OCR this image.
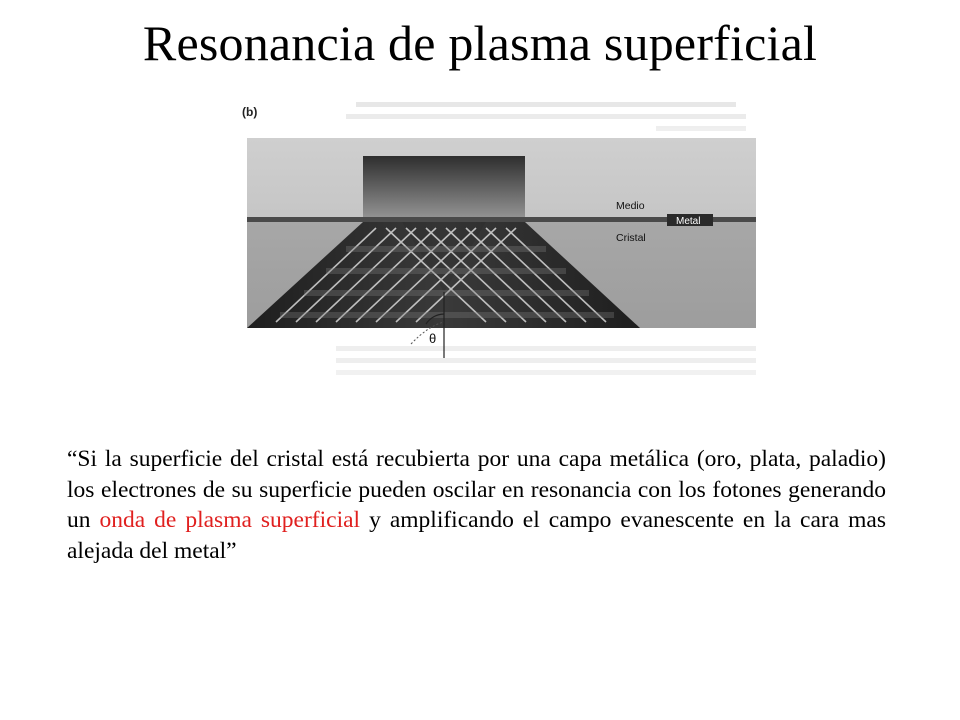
Resonancia de plasma superficial
(b)
Medio
Cristal
Metal
θ
“Si la superficie del cristal está recubierta por una capa metálica (oro, plata, paladio) los electrones de su superficie pueden oscilar en resonancia con los fotones generando un onda de plasma superficial y amplificando el campo evanescente en la cara mas alejada del metal”
